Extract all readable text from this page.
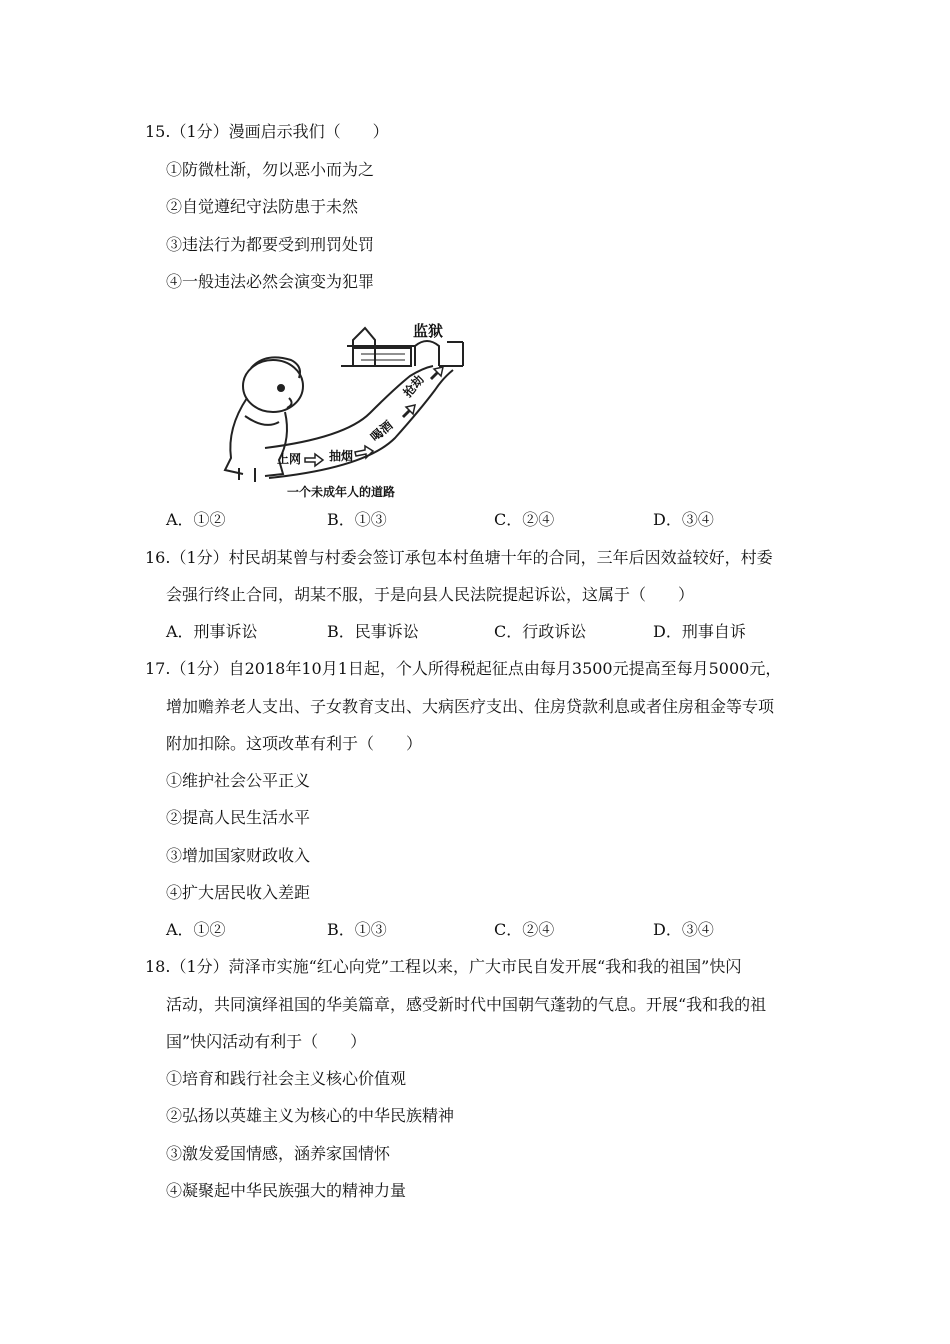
15.（1分）漫画启示我们（　　）
①防微杜渐，勿以恶小而为之
②自觉遵纪守法防患于未然
③违法行为都要受到刑罚处罚
④一般违法必然会演变为犯罪
监狱
上网 抽烟
喝酒
抢劫
一个未成年人的道路
A．①②	B．①③	C．②④	D．③④
16.（1分）村民胡某曾与村委会签订承包本村鱼塘十年的合同，三年后因效益较好，村委
会强行终止合同，胡某不服，于是向县人民法院提起诉讼，这属于（　　）
A．刑事诉讼	B．民事诉讼	C．行政诉讼	D．刑事自诉
17.（1分）自2018年10月1日起，个人所得税起征点由每月3500元提高至每月5000元，
增加赡养老人支出、子女教育支出、大病医疗支出、住房贷款利息或者住房租金等专项
附加扣除。这项改革有利于（　　）
①维护社会公平正义
②提高人民生活水平
③增加国家财政收入
④扩大居民收入差距
A．①②	B．①③	C．②④	D．③④
18.（1分）菏泽市实施“红心向党”工程以来，广大市民自发开展“我和我的祖国”快闪
活动，共同演绎祖国的华美篇章，感受新时代中国朝气蓬勃的气息。开展“我和我的祖
国”快闪活动有利于（　　）
①培育和践行社会主义核心价值观
②弘扬以英雄主义为核心的中华民族精神
③激发爱国情感，涵养家国情怀
④凝聚起中华民族强大的精神力量
